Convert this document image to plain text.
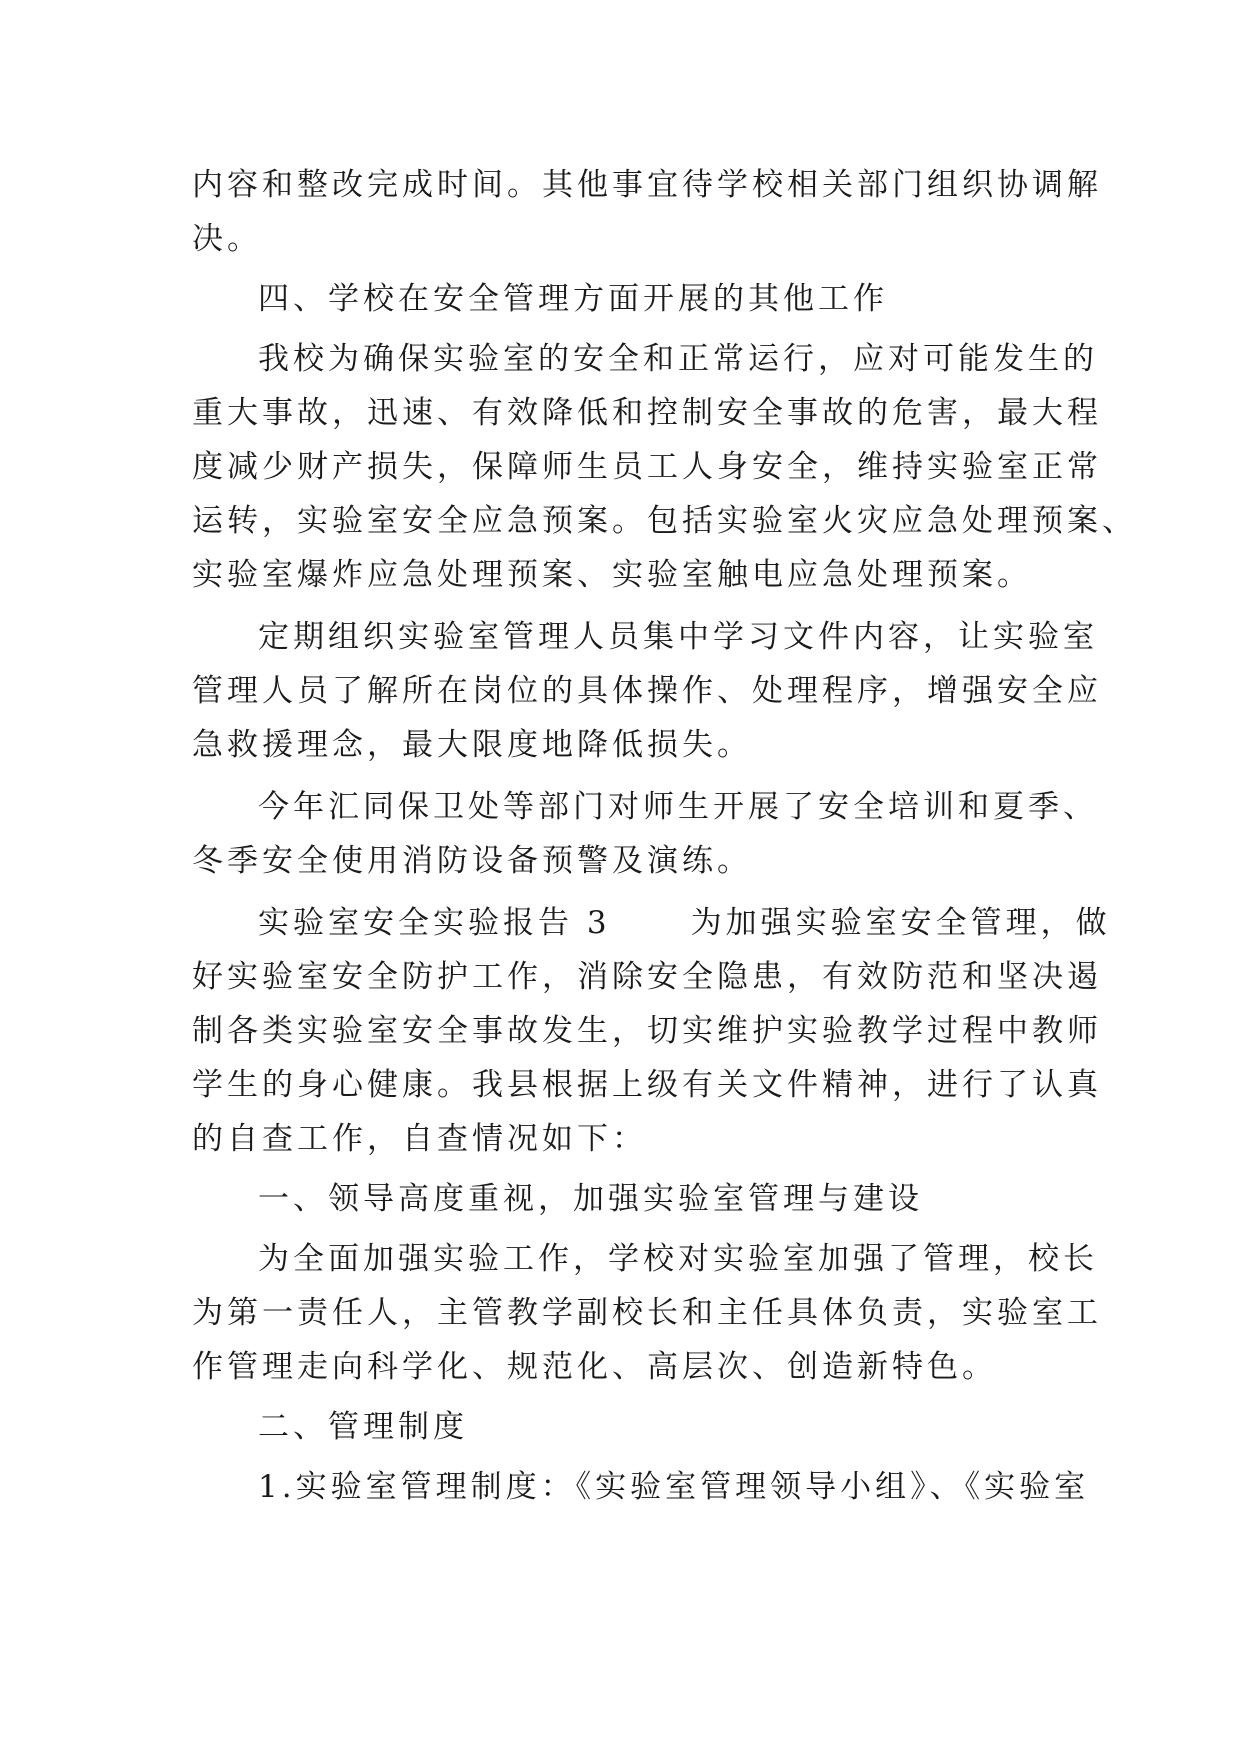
内容和整改完成时间。其他事宜待学校相关部门组织协调解
决。
四、学校在安全管理方面开展的其他工作
我校为确保实验室的安全和正常运行，应对可能发生的
重大事故，迅速、有效降低和控制安全事故的危害，最大程
度减少财产损失，保障师生员工人身安全，维持实验室正常
运转，实验室安全应急预案。包括实验室火灾应急处理预案、
实验室爆炸应急处理预案、实验室触电应急处理预案。
定期组织实验室管理人员集中学习文件内容，让实验室
管理人员了解所在岗位的具体操作、处理程序，增强安全应
急救援理念，最大限度地降低损失。
今年汇同保卫处等部门对师生开展了安全培训和夏季、
冬季安全使用消防设备预警及演练。
实验室安全实验报告 3	为加强实验室安全管理，做
好实验室安全防护工作，消除安全隐患，有效防范和坚决遏
制各类实验室安全事故发生，切实维护实验教学过程中教师
学生的身心健康。我县根据上级有关文件精神，进行了认真
的自查工作，自查情况如下：
一、领导高度重视，加强实验室管理与建设
为全面加强实验工作，学校对实验室加强了管理，校长
为第一责任人，主管教学副校长和主任具体负责，实验室工
作管理走向科学化、规范化、高层次、创造新特色。
二、管理制度
1.实验室管理制度：《实验室管理领导小组》、《实验室
